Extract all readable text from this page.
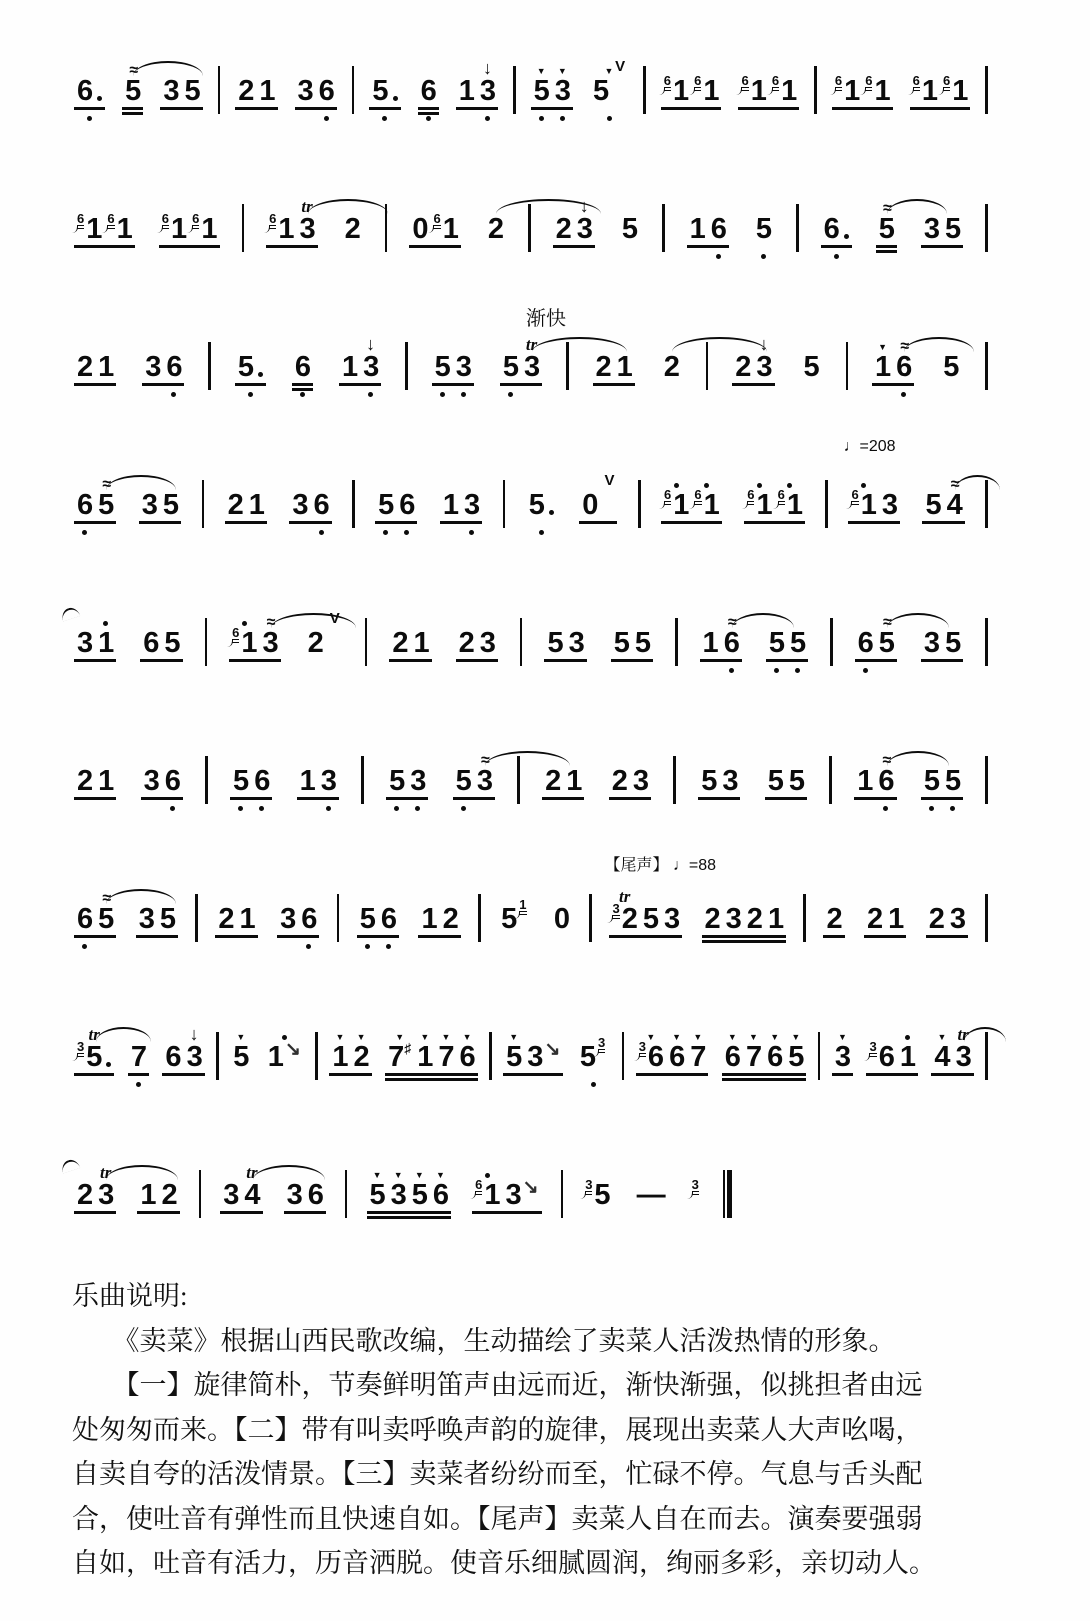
6
≈
5 3 5 2 1 3 6 5 6 1
↓
3
▼
5
▼
3
▼
5
V
6 1 6 1 6 1 6 1	6 1 6 1 6 1 6 1
6 1 6 1 6 1 6 1	6 1
tr
3 2 0 6 1 2 2
↓
3 5 1 6 5 6
≈
5 3 5
2 1 3 6 5 6 1
↓
3 5 3 5
渐快
tr
3 2 1 2 2
↓
3 5
▼
1
≈
6 5
6
≈
5 3 5 2 1 3 6 5 6 1 3 5 0
V
6 1 6 1 6 1 6 1
♩=208
6 1 3 5
≈
4
3 1 6 5	6 1
≈
3 2
V
2 1 2 3 5 3 5 5 1
≈
6 5 5 6
≈
5 3 5
2 1 3 6 5 6 1 3 5 3 5
≈
3 2 1 2 3 5 3 5 5 1
≈
6 5 5
6
≈
5 3 5 2 1 3 6 5 6 1 2 5 1 0
【尾声】 ♩=88
tr
3 2 5 3 2 3 2 1 2 2 1 2 3
tr
3 5 7 6
↓
3
▼
5 1 ↘
▼
1
▼
2
▼
7 ♯
▼
1
▼
7
▼
6
▼
5 3 ↘ 5 3	▼
3 6
▼
6
▼
7
▼
6
▼
7
▼
6
▼
5
▼
3 3 6 1
▼
4
tr
3
2
tr
3 1 2 3
tr
4 3 6
▼
5
▼
3
▼
5
▼
6 6 1 3 ↘	3 5 — 3
乐曲说明:
　　《卖菜》根据山西民歌改编，生动描绘了卖菜人活泼热情的形象。
　　【一】旋律简朴，节奏鲜明笛声由远而近，渐快渐强，似挑担者由远
处匆匆而来。【二】带有叫卖呼唤声韵的旋律，展现出卖菜人大声吆喝，
自卖自夸的活泼情景。【三】卖菜者纷纷而至，忙碌不停。气息与舌头配
合，使吐音有弹性而且快速自如。【尾声】卖菜人自在而去。演奏要强弱
自如，吐音有活力，历音洒脱。使音乐细腻圆润，绚丽多彩，亲切动人。
